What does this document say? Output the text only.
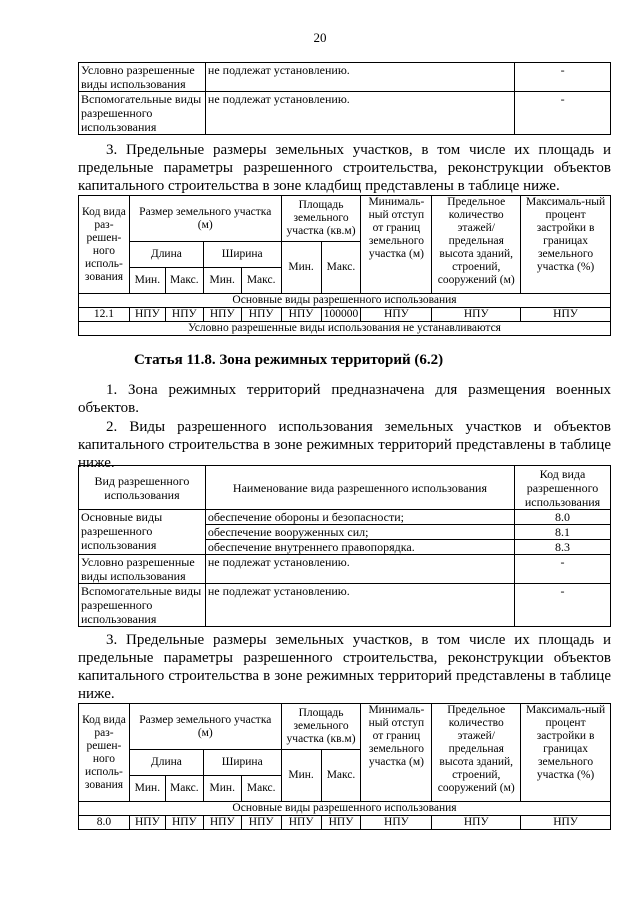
20
Условно разрешенные виды использования	не подлежат установлению.	-
Вспомогательные виды разрешенного использования	не подлежат установлению.	-

3. Предельные размеры земельных участков, в том числе их площадь и предельные параметры разрешенного строительства, реконструкции объектов капитального строительства в зоне кладбищ представлены в таблице ниже.

Код вида раз-решен-ного исполь-зования	Размер земельного участка (м)				Площадь земельного участка (кв.м)		Минималь-ный отступ от границ земельного участка (м)	Предельное количество этажей/ предельная высота зданий, строений, сооружений (м)	Максималь-ный процент застройки в границах земельного участка (%)
	Длина		Ширина		Мин.	Макс.			
	Мин.	Макс.	Мин.	Макс.					
Основные виды разрешенного использования									
12.1	НПУ	НПУ	НПУ	НПУ	НПУ	100000	НПУ	НПУ	НПУ
Условно разрешенные виды использования не устанавливаются									

Статья 11.8. Зона режимных территорий (6.2)

1. Зона режимных территорий предназначена для размещения военных объектов.

2. Виды разрешенного использования земельных участков и объектов капитального строительства в зоне режимных территорий представлены в таблице ниже.

Вид разрешенного использования	Наименование вида разрешенного использования	Код вида разрешенного использования
Основные виды разрешенного использования	обеспечение обороны и безопасности;	8.0
	обеспечение вооруженных сил;	8.1
	обеспечение внутреннего правопорядка.	8.3
Условно разрешенные виды использования	не подлежат установлению.	-
Вспомогательные виды разрешенного использования	не подлежат установлению.	-

3. Предельные размеры земельных участков, в том числе их площадь и предельные параметры разрешенного строительства, реконструкции объектов капитального строительства в зоне режимных территорий представлены в таблице ниже.

Код вида раз-решен-ного исполь-зования	Размер земельного участка (м)				Площадь земельного участка (кв.м)		Минималь-ный отступ от границ земельного участка (м)	Предельное количество этажей/ предельная высота зданий, строений, сооружений (м)	Максималь-ный процент застройки в границах земельного участка (%)
	Длина		Ширина		Мин.	Макс.			
	Мин.	Макс.	Мин.	Макс.					
Основные виды разрешенного использования									
8.0	НПУ	НПУ	НПУ	НПУ	НПУ	НПУ	НПУ	НПУ	НПУ
